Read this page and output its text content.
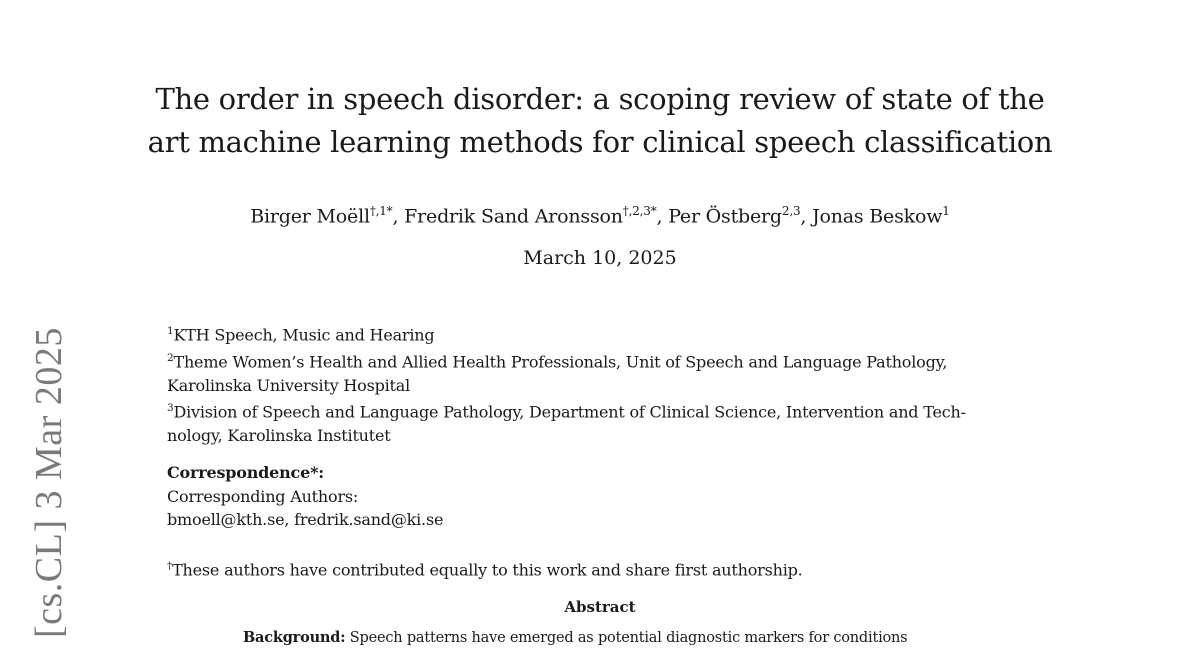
[cs.CL] 3 Mar 2025
The order in speech disorder: a scoping review of state of the
art machine learning methods for clinical speech classification
Birger Moëll$^{\dagger,1*}$, Fredrik Sand Aronsson$^{\dagger,2,3*}$, Per Östberg$^{2,3}$, Jonas Beskow$^1$
March 10, 2025
$^1$KTH Speech, Music and Hearing
$^2$Theme Women’s Health and Allied Health Professionals, Unit of Speech and Language Pathology,
Karolinska University Hospital
$^3$Division of Speech and Language Pathology, Department of Clinical Science, Intervention and Tech-
nology, Karolinska Institutet
Correspondence*:
Corresponding Authors:
bmoell@kth.se, fredrik.sand@ki.se
†These authors have contributed equally to this work and share first authorship.
Abstract
Background: Speech patterns have emerged as potential diagnostic markers for conditions
